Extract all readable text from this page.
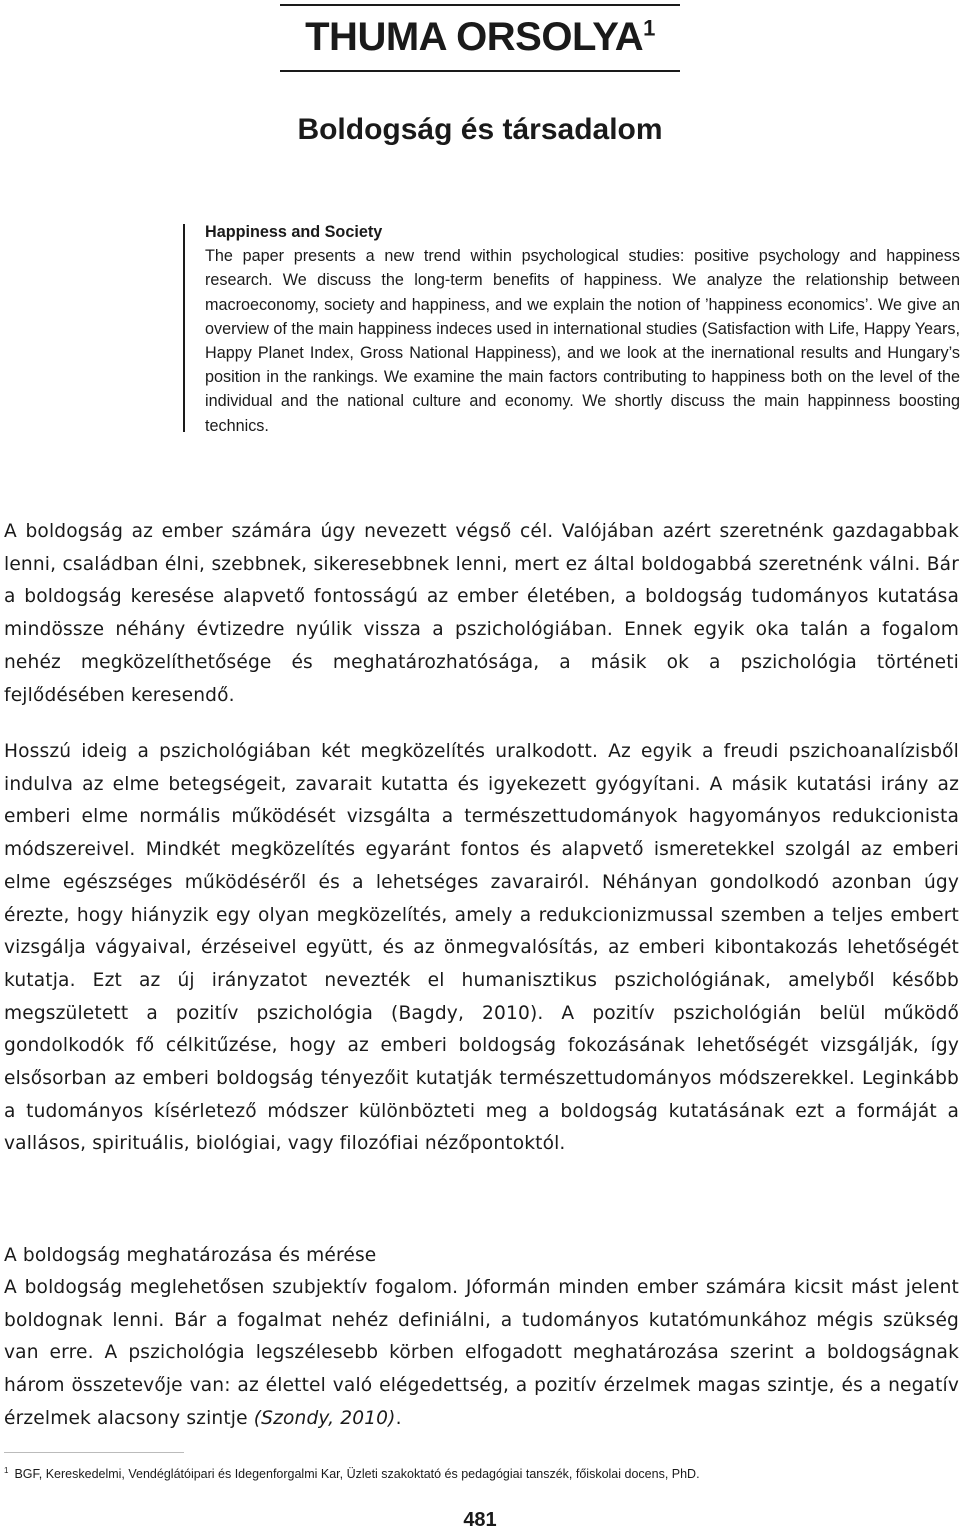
THUMA ORSOLYA$^1$
Boldogság és társadalom
Happiness and Society
The paper presents a new trend within psychological studies: positive psychology and happiness research. We discuss the long-term benefits of happiness. We analyze the relationship between macroeconomy, society and happiness, and we explain the notion of ’happiness economics’. We give an overview of the main happiness indeces used in international studies (Satisfaction with Life, Happy Years, Happy Planet Index, Gross National Happiness), and we look at the inernational results and Hungary’s position in the rankings. We examine the main factors contributing to happiness both on the level of the individual and the national culture and economy. We shortly discuss the main happinness boosting technics.
A boldogság az ember számára úgy nevezett végső cél. Valójában azért szeretnénk gazdagabbak lenni, családban élni, szebbnek, sikeresebbnek lenni, mert ez által boldogabbá szeretnénk válni. Bár a boldogság keresése alapvető fontosságú az ember életében, a boldogság tudományos kutatása mindössze néhány évtizedre nyúlik vissza a pszichológiában. Ennek egyik oka talán a fogalom nehéz megközelíthetősége és meghatározhatósága, a másik ok a pszichológia történeti fejlődésében keresendő.
Hosszú ideig a pszichológiában két megközelítés uralkodott. Az egyik a freudi pszichoanalízisből indulva az elme betegségeit, zavarait kutatta és igyekezett gyógyítani. A másik kutatási irány az emberi elme normális működését vizsgálta a természettudományok hagyományos redukcionista módszereivel. Mindkét megközelítés egyaránt fontos és alapvető ismeretekkel szolgál az emberi elme egészséges működéséről és a lehetséges zavarairól. Néhányan gondolkodó azonban úgy érezte, hogy hiányzik egy olyan megközelítés, amely a redukcionizmussal szemben a teljes embert vizsgálja vágyaival, érzéseivel együtt, és az önmegvalósítás, az emberi kibontakozás lehetőségét kutatja. Ezt az új irányzatot nevezték el humanisztikus pszichológiának, amelyből később megszületett a pozitív pszichológia (Bagdy, 2010). A pozitív pszichológián belül működő gondolkodók fő célkitűzése, hogy az emberi boldogság fokozásának lehetőségét vizsgálják, így elsősorban az emberi boldogság tényezőit kutatják természettudományos módszerekkel. Leginkább a tudományos kísérletező módszer különbözteti meg a boldogság kutatásának ezt a formáját a vallásos, spirituális, biológiai, vagy filozófiai nézőpontoktól.
A boldogság meghatározása és mérése
A boldogság meglehetősen szubjektív fogalom. Jóformán minden ember számára kicsit mást jelent boldognak lenni. Bár a fogalmat nehéz definiálni, a tudományos kutatómunkához mégis szükség van erre. A pszichológia legszélesebb körben elfogadott meghatározása szerint a boldogságnak három összetevője van: az élettel való elégedettség, a pozitív érzelmek magas szintje, és a negatív érzelmek alacsony szintje (Szondy, 2010).
$^1$ BGF, Kereskedelmi, Vendéglátóipari és Idegenforgalmi Kar, Üzleti szakoktató és pedagógiai tanszék, főiskolai docens, PhD.
481
